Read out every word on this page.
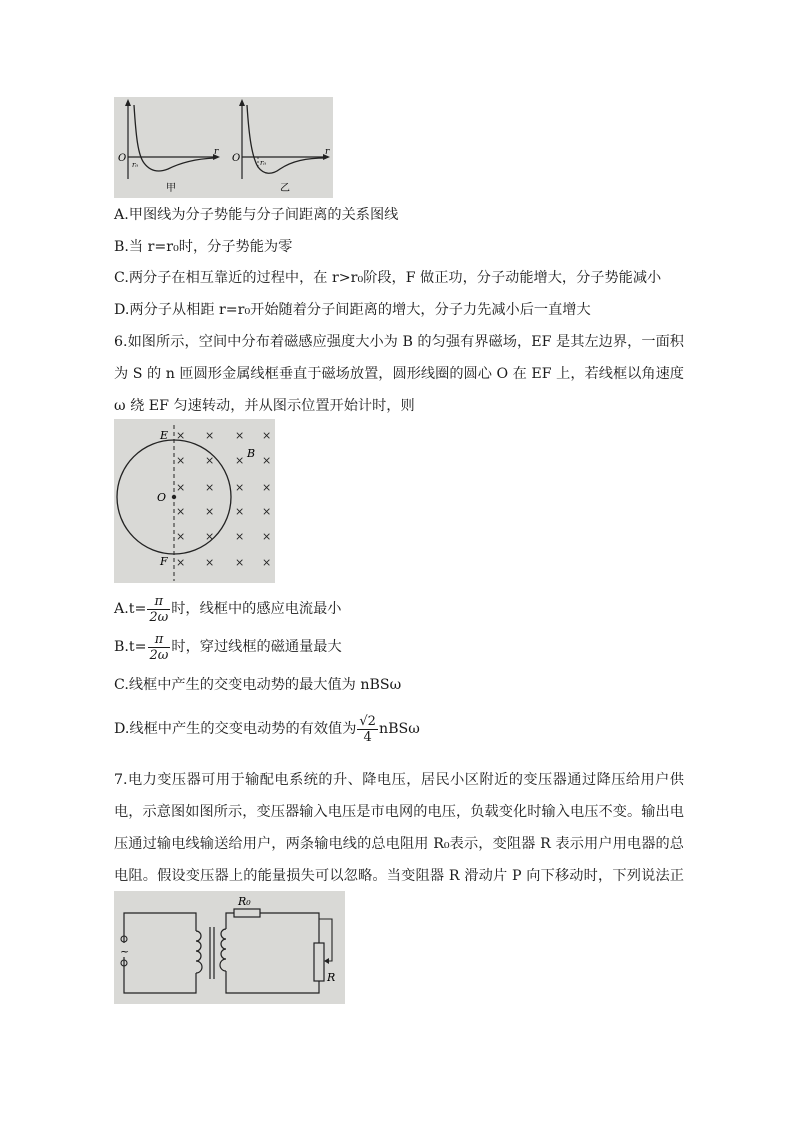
O
r
r₀
甲
O
r
r₀
乙
A.甲图线为分子势能与分子间距离的关系图线
B.当 r=r₀时，分子势能为零
C.两分子在相互靠近的过程中，在 r>r₀阶段，F 做正功，分子动能增大，分子势能减小
D.两分子从相距 r=r₀开始随着分子间距离的增大，分子力先减小后一直增大
6.如图所示，空间中分布着磁感应强度大小为 B 的匀强有界磁场，EF 是其左边界，一面积为 S 的 n 匝圆形金属线框垂直于磁场放置，圆形线圈的圆心 O 在 EF 上，若线框以角速度 ω 绕 EF 匀速转动，并从图示位置开始计时，则
E
F
O
B
× × × ×
× × × ×
× × × ×
× × × ×
× × × ×
× × × ×
$A.t= \frac{\pi}{2\omega}$ 时，线框中的感应电流最小
$B.t= \frac{\pi}{2\omega}$ 时，穿过线框的磁通量最大
C.线框中产生的交变电动势的最大值为 nBSω
D.线框中产生的交变电动势的有效值为 $\frac{√2}{4}$ nBSω
7.电力变压器可用于输配电系统的升、降电压，居民小区附近的变压器通过降压给用户供电，示意图如图所示，变压器输入电压是市电网的电压，负载变化时输入电压不变。输出电压通过输电线输送给用户，两条输电线的总电阻用 R₀表示，变阻器 R 表示用户用电器的总电阻。假设变压器上的能量损失可以忽略。当变阻器 R 滑动片 P 向下移动时，下列说法正
~
R₀
R
